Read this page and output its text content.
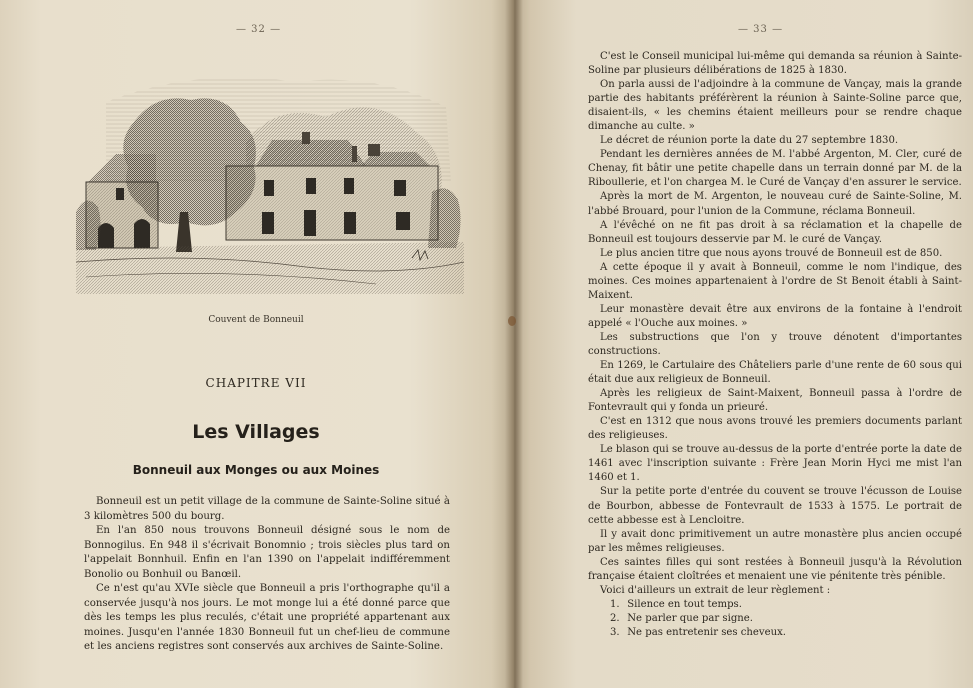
— 32 —
Couvent de Bonneuil
CHAPITRE VII
Les Villages
Bonneuil aux Monges ou aux Moines

Bonneuil est un petit village de la commune de Sainte-Soline situé à 3 kilomètres 500 du bourg.

En l'an 850 nous trouvons Bonneuil désigné sous le nom de Bonnogilus. En 948 il s'écrivait Bonomnio ; trois siècles plus tard on l'appelait Bonnhuil. Enfin en l'an 1390 on l'appelait indifféremment Bonolio ou Bonhuil ou Banœil.

Ce n'est qu'au XVIe siècle que Bonneuil a pris l'orthographe qu'il a conservée jusqu'à nos jours. Le mot monge lui a été donné parce que dès les temps les plus reculés, c'était une propriété appartenant aux moines. Jusqu'en l'année 1830 Bonneuil fut un chef-lieu de commune et les anciens registres sont conservés aux archives de Sainte-Soline.

— 33 —

C'est le Conseil municipal lui-même qui demanda sa réunion à Sainte-Soline par plusieurs délibérations de 1825 à 1830.

On parla aussi de l'adjoindre à la commune de Vançay, mais la grande partie des habitants préférèrent la réunion à Sainte-Soline parce que, disaient-ils, « les chemins étaient meilleurs pour se rendre chaque dimanche au culte. »

Le décret de réunion porte la date du 27 septembre 1830.

Pendant les dernières années de M. l'abbé Argenton, M. Cler, curé de Chenay, fit bâtir une petite chapelle dans un terrain donné par M. de la Riboullerie, et l'on chargea M. le Curé de Vançay d'en assurer le service.

Après la mort de M. Argenton, le nouveau curé de Sainte-Soline, M. l'abbé Brouard, pour l'union de la Commune, réclama Bonneuil.

A l'évêché on ne fit pas droit à sa réclamation et la chapelle de Bonneuil est toujours desservie par M. le curé de Vançay.

Le plus ancien titre que nous ayons trouvé de Bonneuil est de 850.

A cette époque il y avait à Bonneuil, comme le nom l'indique, des moines. Ces moines appartenaient à l'ordre de St Benoit établi à Saint-Maixent.

Leur monastère devait être aux environs de la fontaine à l'endroit appelé « l'Ouche aux moines. »

Les substructions que l'on y trouve dénotent d'importantes constructions.

En 1269, le Cartulaire des Châteliers parle d'une rente de 60 sous qui était due aux religieux de Bonneuil.

Après les religieux de Saint-Maixent, Bonneuil passa à l'ordre de Fontevrault qui y fonda un prieuré.

C'est en 1312 que nous avons trouvé les premiers documents parlant des religieuses.

Le blason qui se trouve au-dessus de la porte d'entrée porte la date de 1461 avec l'inscription suivante : Frère Jean Morin Hyci me mist l'an 1460 et 1.

Sur la petite porte d'entrée du couvent se trouve l'écusson de Louise de Bourbon, abbesse de Fontevrault de 1533 à 1575. Le portrait de cette abbesse est à Lencloitre.

Il y avait donc primitivement un autre monastère plus ancien occupé par les mêmes religieuses.

Ces saintes filles qui sont restées à Bonneuil jusqu'à la Révolution française étaient cloîtrées et menaient une vie pénitente très pénible.

Voici d'ailleurs un extrait de leur règlement :

1. Silence en tout temps.
2. Ne parler que par signe.
3. Ne pas entretenir ses cheveux.
